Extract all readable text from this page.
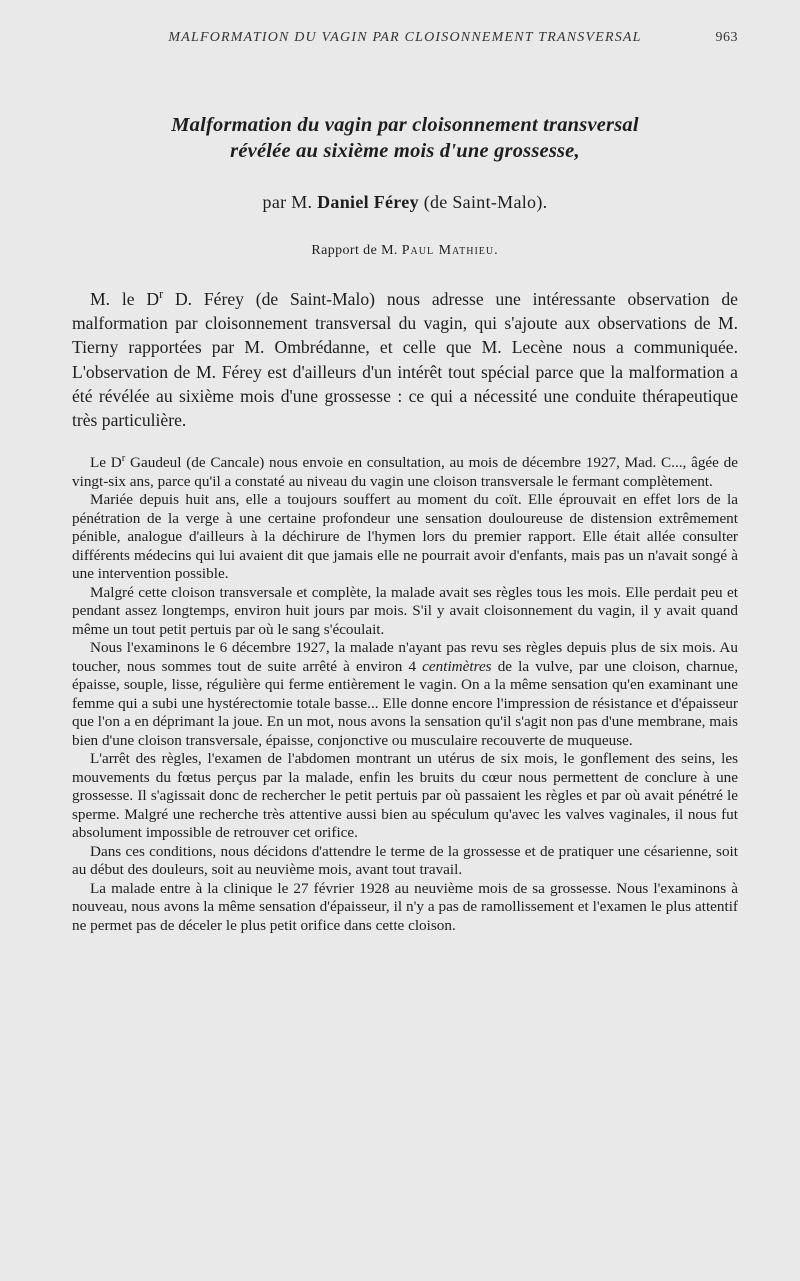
MALFORMATION DU VAGIN PAR CLOISONNEMENT TRANSVERSAL	963
Malformation du vagin par cloisonnement transversal
révélée au sixième mois d'une grossesse,
par M. Daniel Férey (de Saint-Malo).
Rapport de M. Paul Mathieu.

M. le $D^r$ D. Férey (de Saint-Malo) nous adresse une intéressante observation de malformation par cloisonnement transversal du vagin, qui s'ajoute aux observations de M. Tierny rapportées par M. Ombrédanne, et celle que M. Lecène nous a communiquée. L'observation de M. Férey est d'ailleurs d'un intérêt tout spécial parce que la malformation a été révélée au sixième mois d'une grossesse : ce qui a nécessité une conduite thérapeutique très particulière.

Le $D^r$ Gaudeul (de Cancale) nous envoie en consultation, au mois de décembre 1927, Mad. C..., âgée de vingt-six ans, parce qu'il a constaté au niveau du vagin une cloison transversale le fermant complètement.

Mariée depuis huit ans, elle a toujours souffert au moment du coït. Elle éprouvait en effet lors de la pénétration de la verge à une certaine profondeur une sensation douloureuse de distension extrêmement pénible, analogue d'ailleurs à la déchirure de l'hymen lors du premier rapport. Elle était allée consulter différents médecins qui lui avaient dit que jamais elle ne pourrait avoir d'enfants, mais pas un n'avait songé à une intervention possible.

Malgré cette cloison transversale et complète, la malade avait ses règles tous les mois. Elle perdait peu et pendant assez longtemps, environ huit jours par mois. S'il y avait cloisonnement du vagin, il y avait quand même un tout petit pertuis par où le sang s'écoulait.

Nous l'examinons le 6 décembre 1927, la malade n'ayant pas revu ses règles depuis plus de six mois. Au toucher, nous sommes tout de suite arrêté à environ 4 centimètres de la vulve, par une cloison, charnue, épaisse, souple, lisse, régulière qui ferme entièrement le vagin. On a la même sensation qu'en examinant une femme qui a subi une hystérectomie totale basse... Elle donne encore l'impression de résistance et d'épaisseur que l'on a en déprimant la joue. En un mot, nous avons la sensation qu'il s'agit non pas d'une membrane, mais bien d'une cloison transversale, épaisse, conjonctive ou musculaire recouverte de muqueuse.

L'arrêt des règles, l'examen de l'abdomen montrant un utérus de six mois, le gonflement des seins, les mouvements du fœtus perçus par la malade, enfin les bruits du cœur nous permettent de conclure à une grossesse. Il s'agissait donc de rechercher le petit pertuis par où passaient les règles et par où avait pénétré le sperme. Malgré une recherche très attentive aussi bien au spéculum qu'avec les valves vaginales, il nous fut absolument impossible de retrouver cet orifice.

Dans ces conditions, nous décidons d'attendre le terme de la grossesse et de pratiquer une césarienne, soit au début des douleurs, soit au neuvième mois, avant tout travail.

La malade entre à la clinique le 27 février 1928 au neuvième mois de sa grossesse. Nous l'examinons à nouveau, nous avons la même sensation d'épaisseur, il n'y a pas de ramollissement et l'examen le plus attentif ne permet pas de déceler le plus petit orifice dans cette cloison.
